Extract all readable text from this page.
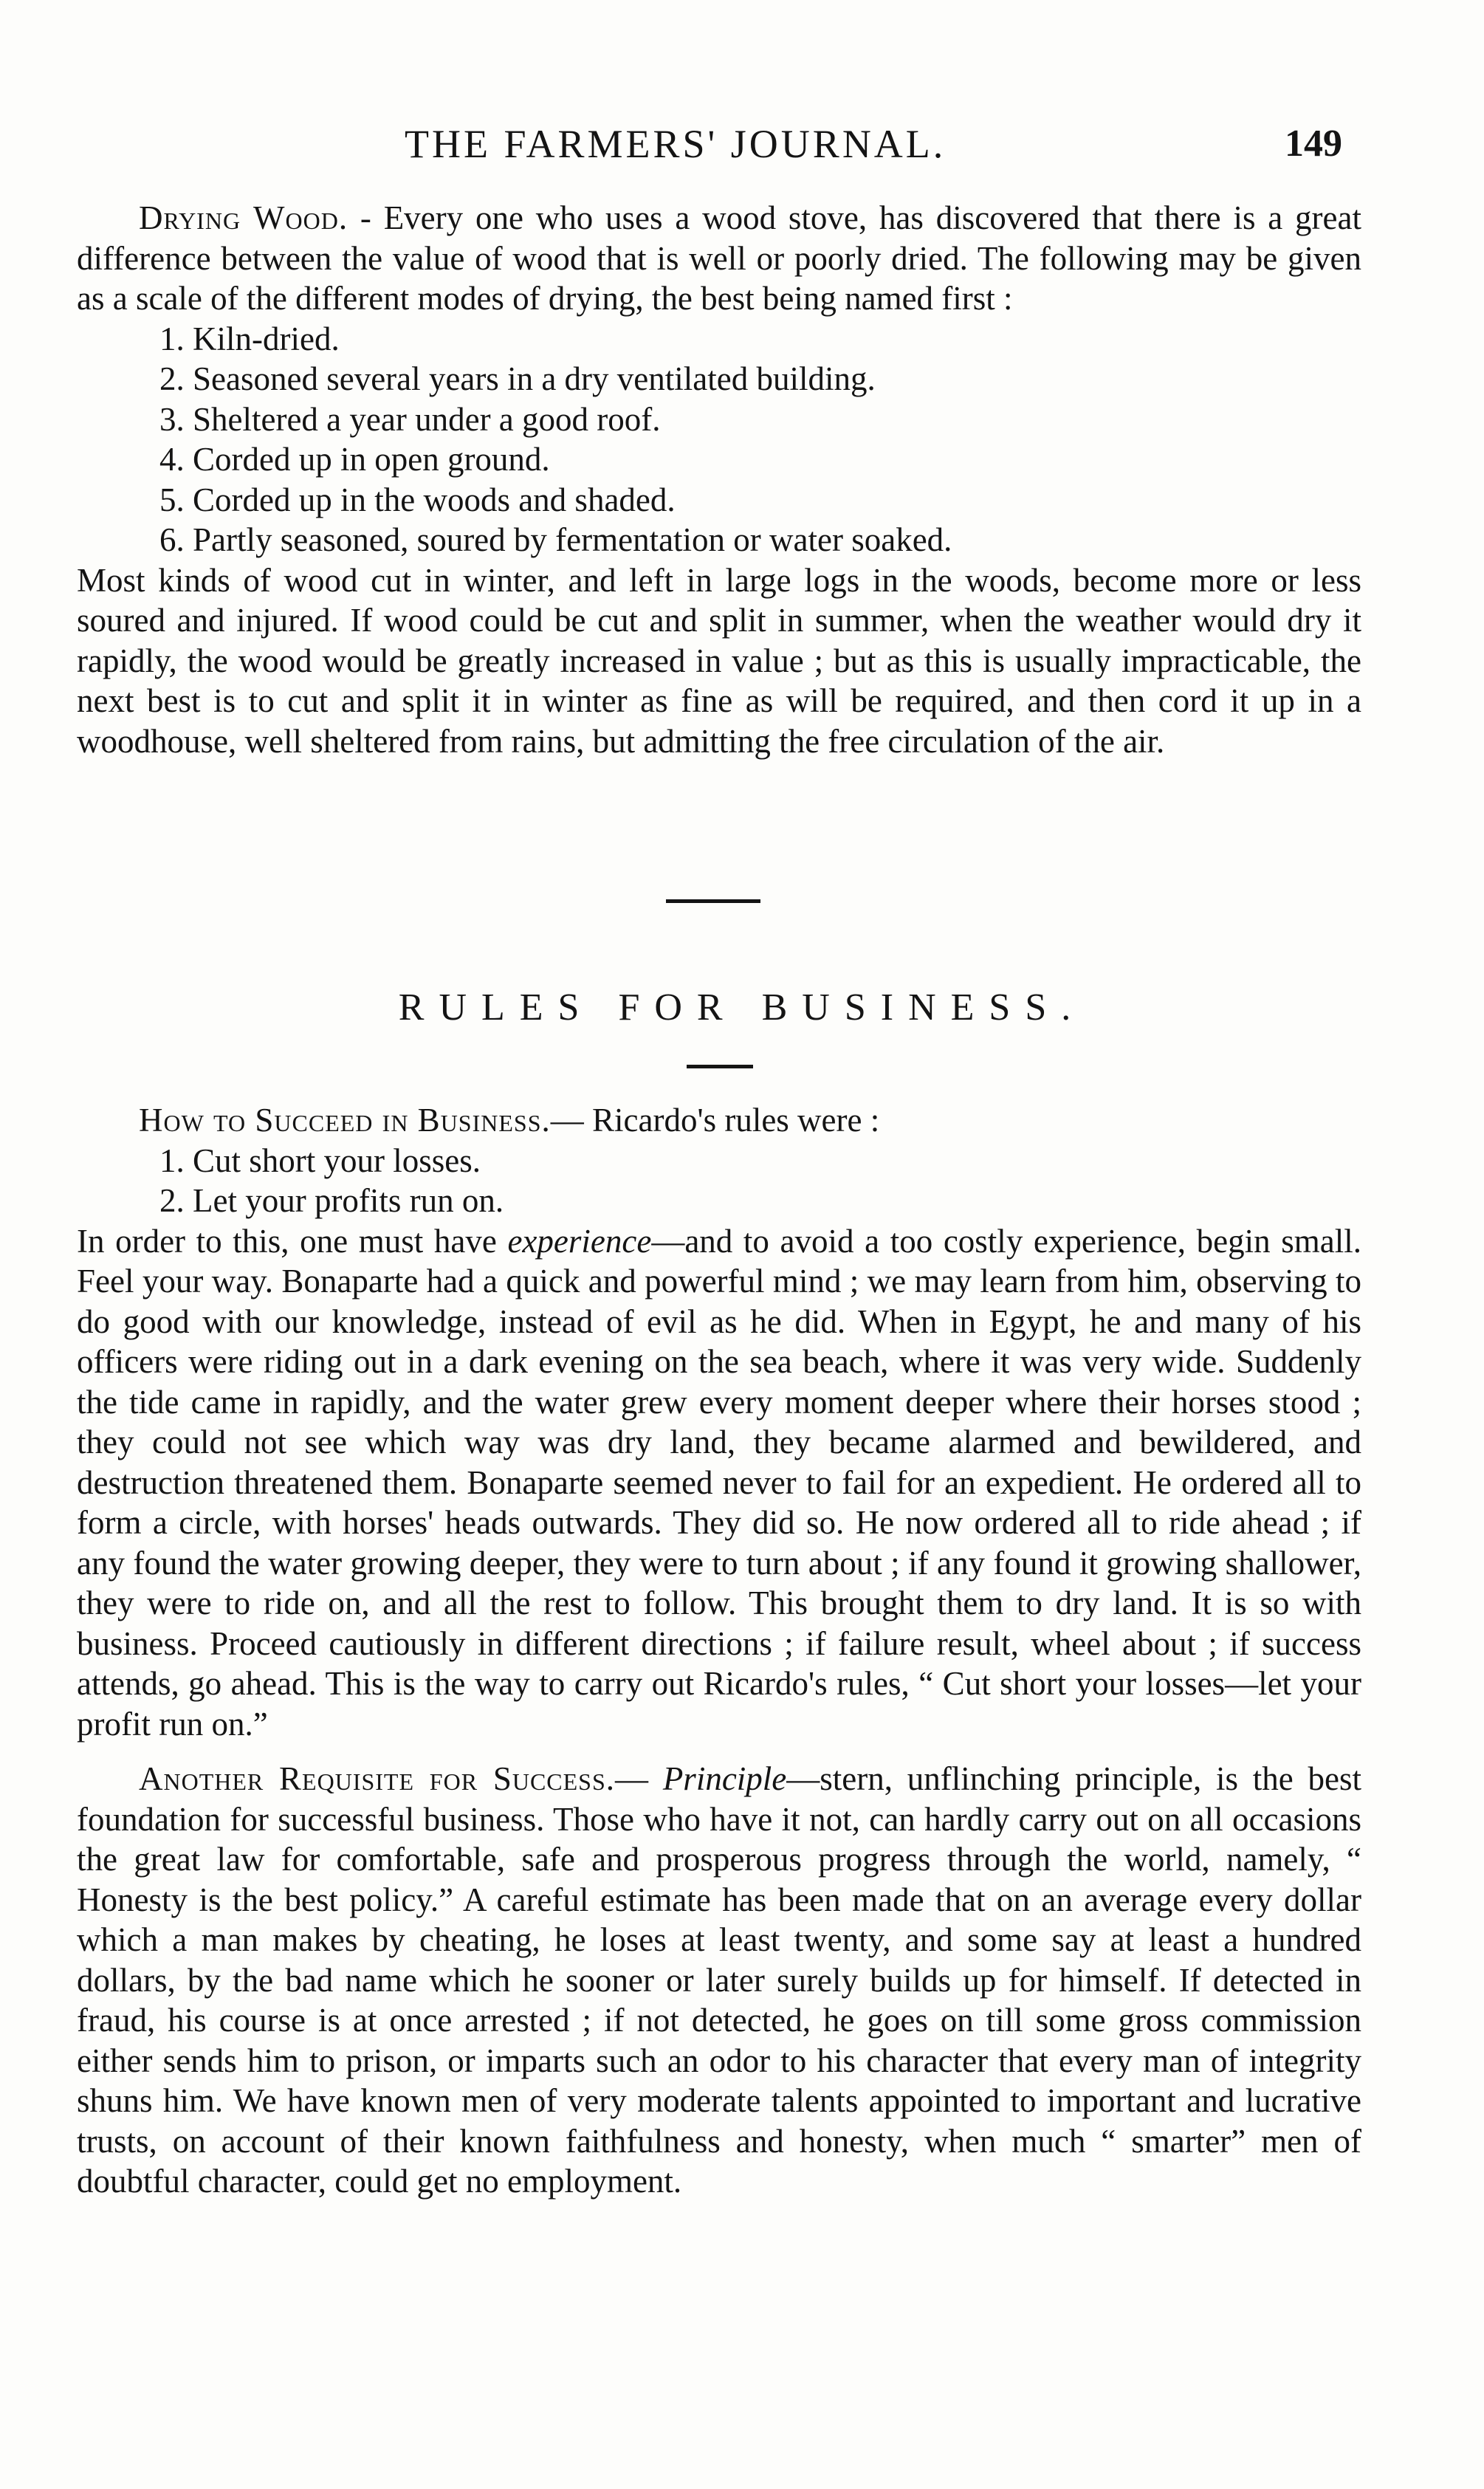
THE FARMERS' JOURNAL.	149

Drying Wood. - Every one who uses a wood stove, has discovered that there is a great difference between the value of wood that is well or poorly dried. The following may be given as a scale of the different modes of drying, the best being named first :

1. Kiln-dried.
2. Seasoned several years in a dry ventilated building.
3. Sheltered a year under a good roof.
4. Corded up in open ground.
5. Corded up in the woods and shaded.
6. Partly seasoned, soured by fermentation or water soaked.

Most kinds of wood cut in winter, and left in large logs in the woods, become more or less soured and injured. If wood could be cut and split in summer, when the weather would dry it rapidly, the wood would be greatly increased in value ; but as this is usually impracticable, the next best is to cut and split it in winter as fine as will be required, and then cord it up in a woodhouse, well sheltered from rains, but admitting the free circulation of the air.

RULES FOR BUSINESS.

How to Succeed in Business.— Ricardo's rules were :

1. Cut short your losses.
2. Let your profits run on.

In order to this, one must have experience—and to avoid a too costly experience, begin small. Feel your way. Bonaparte had a quick and powerful mind ; we may learn from him, observing to do good with our knowledge, instead of evil as he did. When in Egypt, he and many of his officers were riding out in a dark evening on the sea beach, where it was very wide. Suddenly the tide came in rapidly, and the water grew every moment deeper where their horses stood ; they could not see which way was dry land, they became alarmed and bewildered, and destruction threatened them. Bonaparte seemed never to fail for an expedient. He ordered all to form a circle, with horses' heads outwards. They did so. He now ordered all to ride ahead ; if any found the water growing deeper, they were to turn about ; if any found it growing shallower, they were to ride on, and all the rest to follow. This brought them to dry land. It is so with business. Proceed cautiously in different directions ; if failure result, wheel about ; if success attends, go ahead. This is the way to carry out Ricardo's rules, “ Cut short your losses—let your profit run on.”

Another Requisite for Success.— Principle—stern, unflinching principle, is the best foundation for successful business. Those who have it not, can hardly carry out on all occasions the great law for comfortable, safe and prosperous progress through the world, namely, “ Honesty is the best policy.” A careful estimate has been made that on an average every dollar which a man makes by cheating, he loses at least twenty, and some say at least a hundred dollars, by the bad name which he sooner or later surely builds up for himself. If detected in fraud, his course is at once arrested ; if not detected, he goes on till some gross commission either sends him to prison, or imparts such an odor to his character that every man of integrity shuns him. We have known men of very moderate talents appointed to important and lucrative trusts, on account of their known faithfulness and honesty, when much “ smarter” men of doubtful character, could get no employment.
